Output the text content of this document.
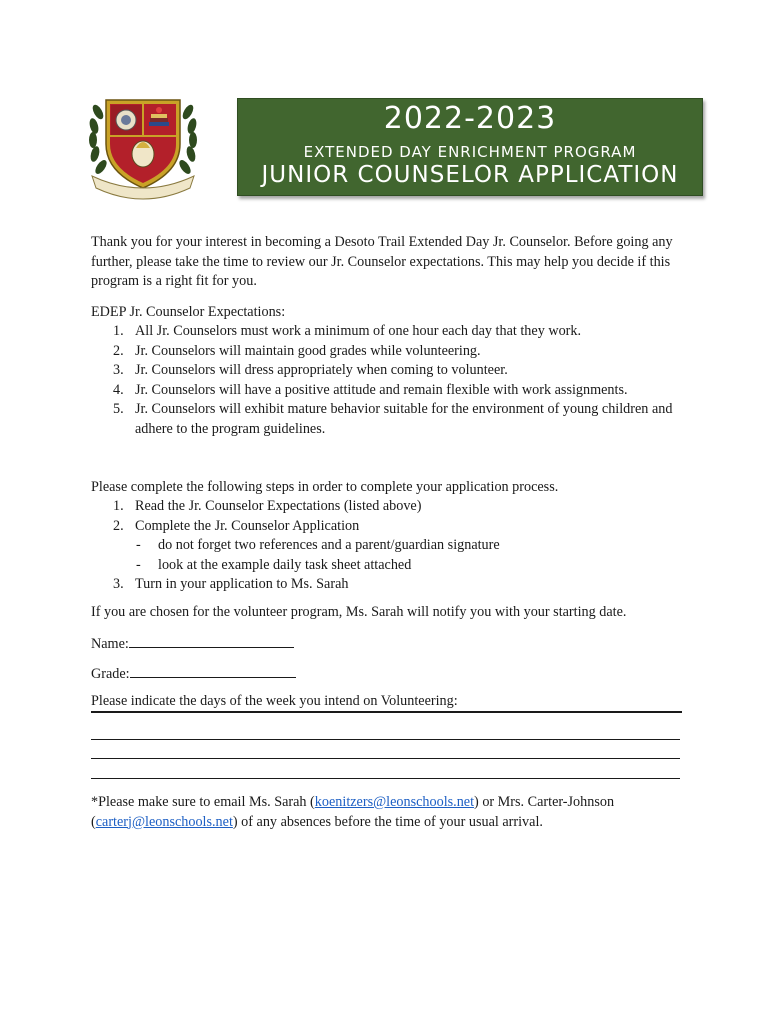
2022-2023
EXTENDED DAY ENRICHMENT PROGRAM
JUNIOR COUNSELOR APPLICATION
Thank you for your interest in becoming a Desoto Trail Extended Day Jr. Counselor. Before going any further, please take the time to review our Jr. Counselor expectations. This may help you decide if this program is a right fit for you.
EDEP Jr. Counselor Expectations:
1. All Jr. Counselors must work a minimum of one hour each day that they work.
2. Jr. Counselors will maintain good grades while volunteering.
3. Jr. Counselors will dress appropriately when coming to volunteer.
4. Jr. Counselors will have a positive attitude and remain flexible with work assignments.
5. Jr. Counselors will exhibit mature behavior suitable for the environment of young children and adhere to the program guidelines.
Please complete the following steps in order to complete your application process.
1. Read the Jr. Counselor Expectations (listed above)
2. Complete the Jr. Counselor Application
- do not forget two references and a parent/guardian signature
- look at the example daily task sheet attached
3. Turn in your application to Ms. Sarah
If you are chosen for the volunteer program, Ms. Sarah will notify you with your starting date.
Name:
Grade:
Please indicate the days of the week you intend on Volunteering:
*Please make sure to email Ms. Sarah (koenitzers@leonschools.net) or Mrs. Carter-Johnson (carterj@leonschools.net) of any absences before the time of your usual arrival.
